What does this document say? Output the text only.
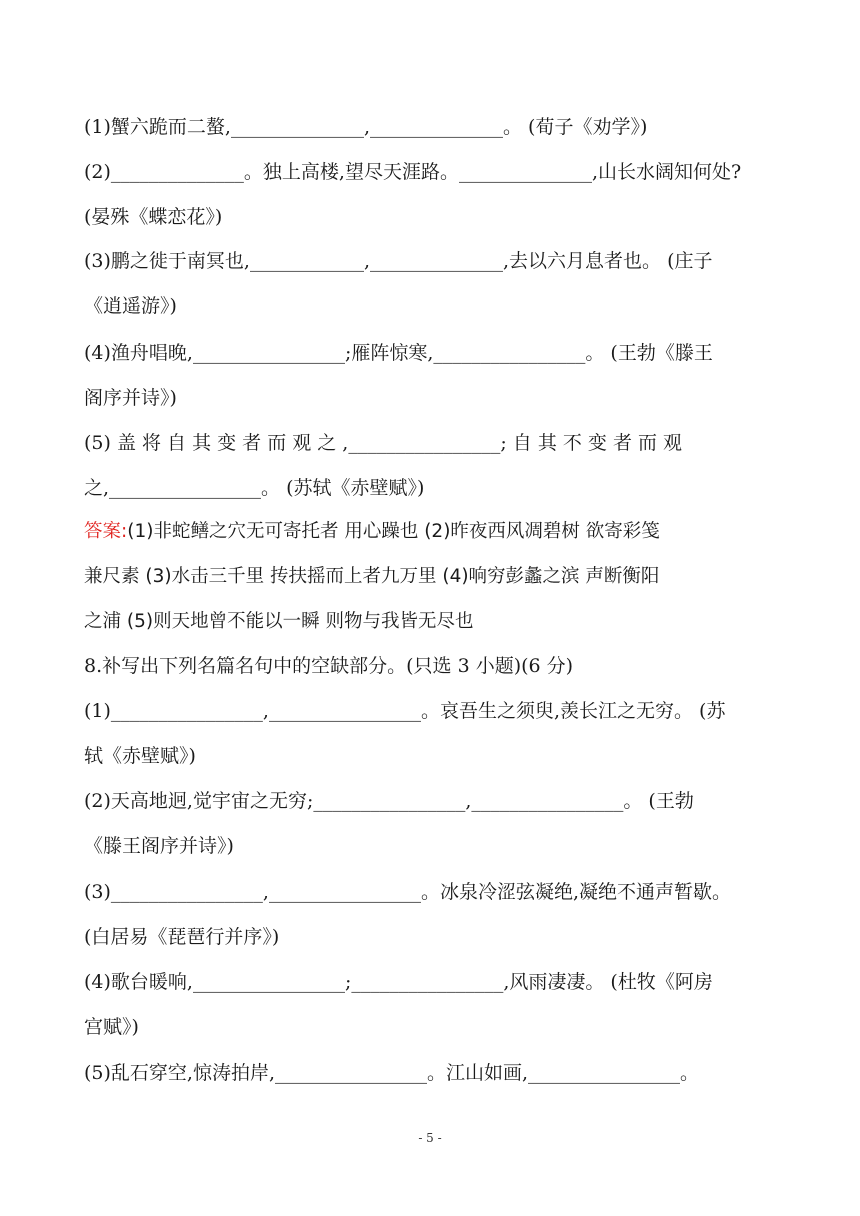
(1)蟹六跪而二螯,______________,______________。 (荀子《劝学》)
(2)______________。独上高楼,望尽天涯路。______________,山长水阔知何处?
(晏殊《蝶恋花》)
(3)鹏之徙于南冥也,____________,______________,去以六月息者也。 (庄子
《逍遥游》)
(4)渔舟唱晚,________________;雁阵惊寒,________________。 (王勃《滕王
阁序并诗》)
(5) 盖 将 自 其 变 者 而 观 之 ,________________; 自 其 不 变 者 而 观
之,________________。 (苏轼《赤壁赋》)
答案:(1)非蛇鳝之穴无可寄托者 用心躁也 (2)昨夜西风凋碧树 欲寄彩笺
兼尺素 (3)水击三千里 抟扶摇而上者九万里 (4)响穷彭蠡之滨 声断衡阳
之浦 (5)则天地曾不能以一瞬 则物与我皆无尽也
8.补写出下列名篇名句中的空缺部分。(只选 3 小题)(6 分)
(1)________________,________________。哀吾生之须臾,羡长江之无穷。 (苏
轼《赤壁赋》)
(2)天高地迥,觉宇宙之无穷;________________,________________。 (王勃
《滕王阁序并诗》)
(3)________________,________________。冰泉冷涩弦凝绝,凝绝不通声暂歇。
(白居易《琵琶行并序》)
(4)歌台暖响,________________;________________,风雨凄凄。 (杜牧《阿房
宫赋》)
(5)乱石穿空,惊涛拍岸,________________。江山如画,________________。
- 5 -
